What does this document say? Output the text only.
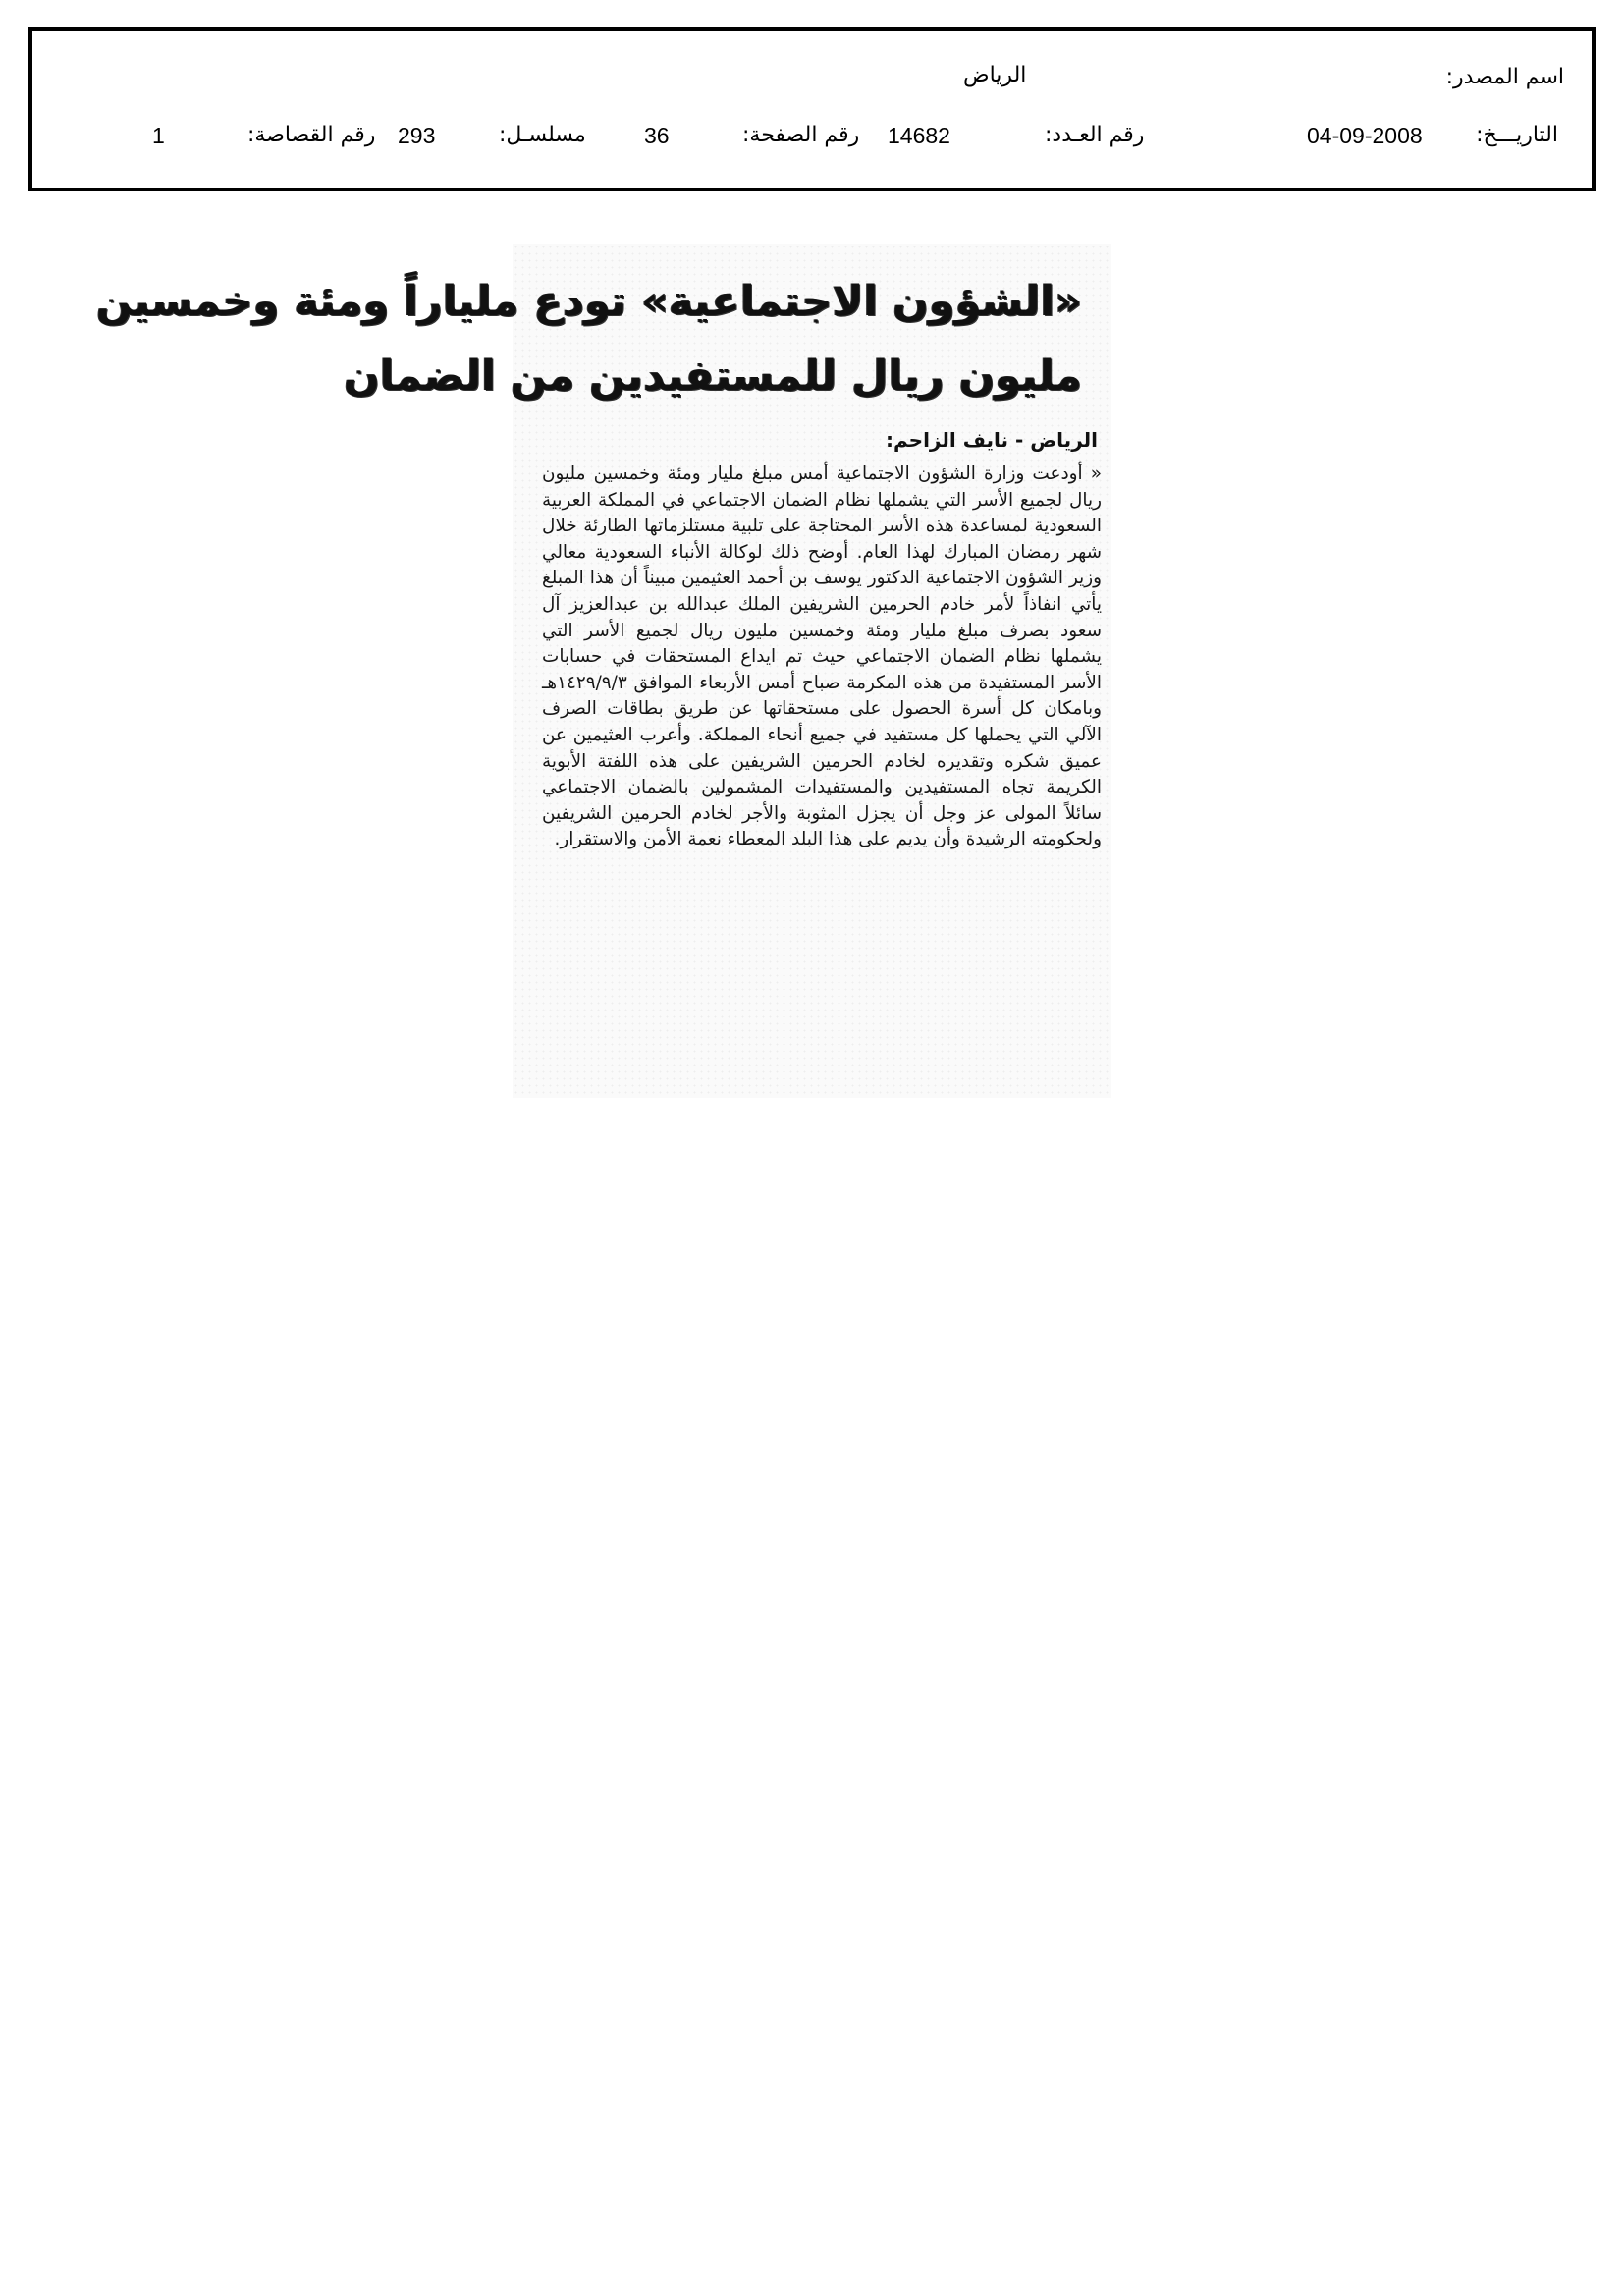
اسم المصدر:
الرياض
التاريـــخ:
04-09-2008
رقم العـدد:
14682
رقم الصفحة:
36
مسلسـل:
293
رقم القصاصة:
1
«الشؤون الاجتماعية» تودع ملياراً ومئة وخمسين
مليون ريال للمستفيدين من الضمان
الرياض - نايف الزاحم:
« أودعت وزارة الشؤون الاجتماعية أمس مبلغ مليار ومئة وخمسين مليون ريال لجميع الأسر التي يشملها نظام الضمان الاجتماعي في المملكة العربية السعودية لمساعدة هذه الأسر المحتاجة على تلبية مستلزماتها الطارئة خلال شهر رمضان المبارك لهذا العام. أوضح ذلك لوكالة الأنباء السعودية معالي وزير الشؤون الاجتماعية الدكتور يوسف بن أحمد العثيمين مبيناً أن هذا المبلغ يأتي انفاذاً لأمر خادم الحرمين الشريفين الملك عبدالله بن عبدالعزيز آل سعود بصرف مبلغ مليار ومئة وخمسين مليون ريال لجميع الأسر التي يشملها نظام الضمان الاجتماعي حيث تم ايداع المستحقات في حسابات الأسر المستفيدة من هذه المكرمة صباح أمس الأربعاء الموافق ١٤٢٩/٩/٣هـ وبامكان كل أسرة الحصول على مستحقاتها عن طريق بطاقات الصرف الآلي التي يحملها كل مستفيد في جميع أنحاء المملكة. وأعرب العثيمين عن عميق شكره وتقديره لخادم الحرمين الشريفين على هذه اللفتة الأبوية الكريمة تجاه المستفيدين والمستفيدات المشمولين بالضمان الاجتماعي سائلاً المولى عز وجل أن يجزل المثوبة والأجر لخادم الحرمين الشريفين ولحكومته الرشيدة وأن يديم على هذا البلد المعطاء نعمة الأمن والاستقرار.
